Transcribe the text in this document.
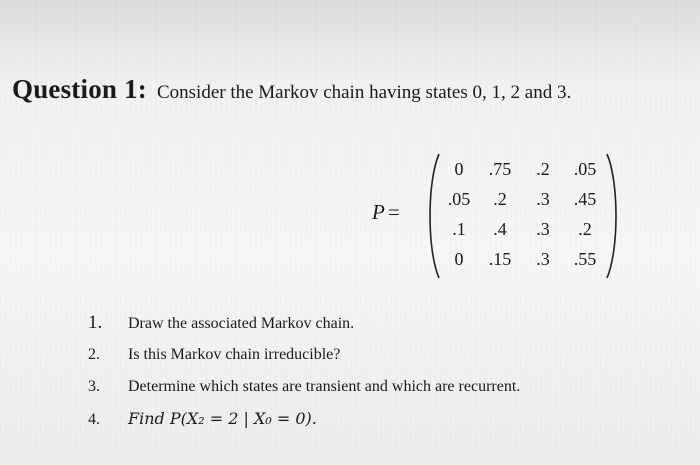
Question 1: Consider the Markov chain having states 0, 1, 2 and 3.
P =
0	.75	.2	.05
.05	.2	.3	.45
.1	.4	.3	.2
0	.15	.3	.55
1. Draw the associated Markov chain.
2. Is this Markov chain irreducible?
3. Determine which states are transient and which are recurrent.
4. Find P(X₂ = 2 | X₀ = 0).
